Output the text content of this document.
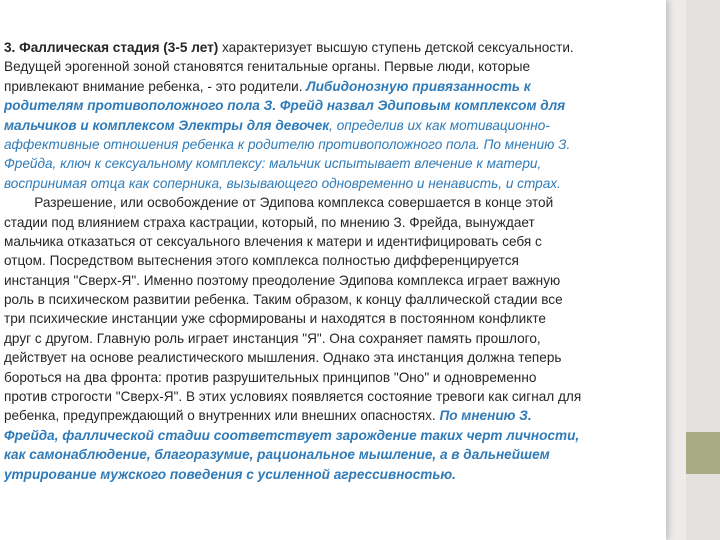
3. Фаллическая стадия (3-5 лет) характеризует высшую ступень детской сексуальности.
Ведущей эрогенной зоной становятся генитальные органы. Первые люди, которые
привлекают внимание ребенка, - это родители. Либидонозную привязанность к
родителям противоположного пола З. Фрейд назвал Эдиповым комплексом для
мальчиков и комплексом Электры для девочек, определив их как мотивационно-
аффективные отношения ребенка к родителю противоположного пола. По мнению З.
Фрейда, ключ к сексуальному комплексу: мальчик испытывает влечение к матери,
воспринимая отца как соперника, вызывающего одновременно и ненависть, и страх.
Разрешение, или освобождение от Эдипова комплекса совершается в конце этой
стадии под влиянием страха кастрации, который, по мнению З. Фрейда, вынуждает
мальчика отказаться от сексуального влечения к матери и идентифицировать себя с
отцом. Посредством вытеснения этого комплекса полностью дифференцируется
инстанция "Сверх-Я". Именно поэтому преодоление Эдипова комплекса играет важную
роль в психическом развитии ребенка. Таким образом, к концу фаллической стадии все
три психические инстанции уже сформированы и находятся в постоянном конфликте
друг с другом. Главную роль играет инстанция "Я". Она сохраняет память прошлого,
действует на основе реалистического мышления. Однако эта инстанция должна теперь
бороться на два фронта: против разрушительных принципов "Оно" и одновременно
против строгости "Сверх-Я". В этих условиях появляется состояние тревоги как сигнал для
ребенка, предупреждающий о внутренних или внешних опасностях. По мнению З.
Фрейда, фаллической стадии соответствует зарождение таких черт личности,
как самонаблюдение, благоразумие, рациональное мышление, а в дальнейшем
утрирование мужского поведения с усиленной агрессивностью.
